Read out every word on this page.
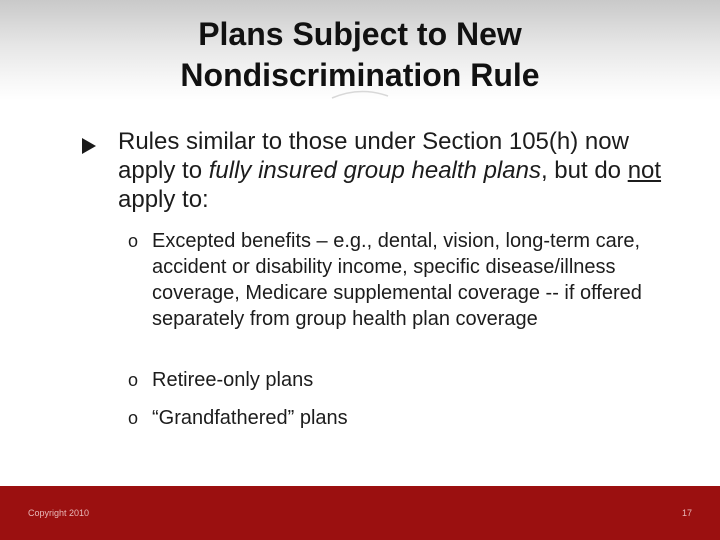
Plans Subject to New
Nondiscrimination Rule
Rules similar to those under Section 105(h) now apply to fully insured group health plans, but do not apply to:
o Excepted benefits – e.g., dental, vision, long-term care, accident or disability income, specific disease/illness coverage, Medicare supplemental coverage -- if offered separately from group health plan coverage
o Retiree-only plans
o “Grandfathered” plans
Copyright 2010	17
